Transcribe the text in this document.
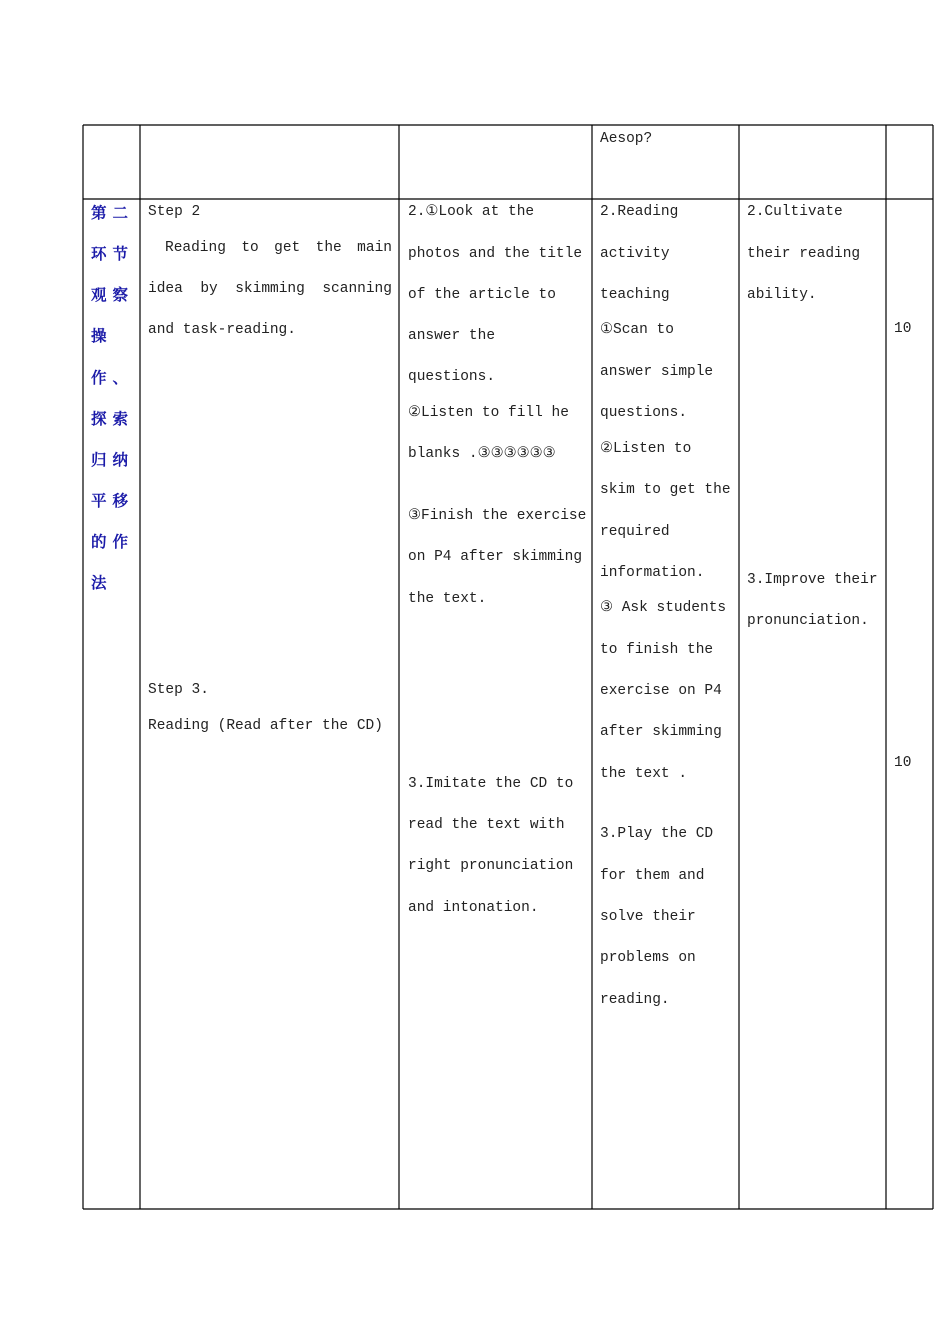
Aesop?

第二

环节

观察

操

作、

探索

归纳

平移

的作

法

Step 2

Reading to get the main
idea by skimming scanning

and task-reading.

Step 3.

Reading (Read after the CD)

2.①Look at the

photos and the title

of the article to

answer the

questions.

②Listen to fill he

blanks .③③③③③③

③Finish the exercise

on P4 after skimming

the text.

3.Imitate the CD to

read the text with

right pronunciation

and intonation.

2.Reading

activity

teaching

①Scan to

answer simple

questions.

②Listen to

skim to get the

required

information.

③ Ask students

to finish the

exercise on P4

after skimming

the text .

3.Play the CD

for them and

solve their

problems on

reading.

2.Cultivate

their reading

ability.

3.Improve their

pronunciation.

10

10
